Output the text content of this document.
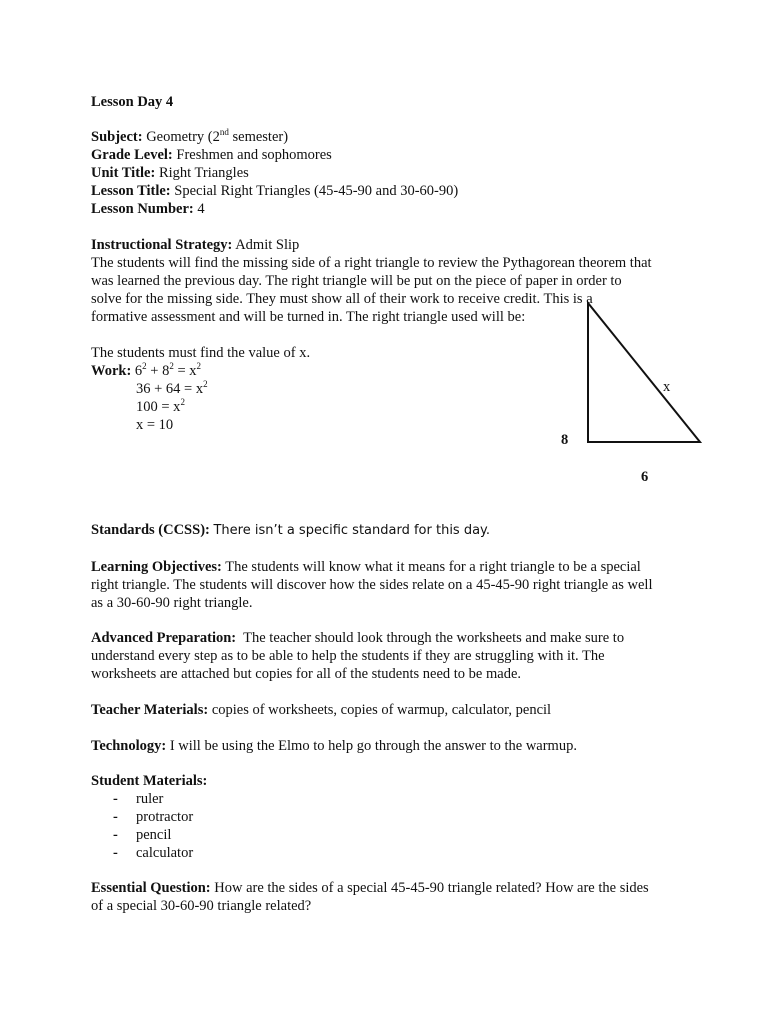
Lesson Day 4
Subject: Geometry (2nd semester)
Grade Level: Freshmen and sophomores
Unit Title: Right Triangles
Lesson Title: Special Right Triangles (45-45-90 and 30-60-90)
Lesson Number: 4
Instructional Strategy: Admit Slip
The students will find the missing side of a right triangle to review the Pythagorean theorem that
was learned the previous day. The right triangle will be put on the piece of paper in order to
solve for the missing side. They must show all of their work to receive credit. This is a
formative assessment and will be turned in. The right triangle used will be:
The students must find the value of x.
Work: $6^2 + 8^2 = x^2$
$36 + 64 = x^2$
$100 = x^2$
x = 10
x
8
6
Standards (CCSS): There isn’t a specific standard for this day.
Learning Objectives: The students will know what it means for a right triangle to be a special
right triangle. The students will discover how the sides relate on a 45-45-90 right triangle as well
as a 30-60-90 right triangle.
Advanced Preparation: The teacher should look through the worksheets and make sure to
understand every step as to be able to help the students if they are struggling with it. The
worksheets are attached but copies for all of the students need to be made.
Teacher Materials: copies of worksheets, copies of warmup, calculator, pencil
Technology: I will be using the Elmo to help go through the answer to the warmup.
Student Materials:
- ruler
- protractor
- pencil
- calculator
Essential Question: How are the sides of a special 45-45-90 triangle related? How are the sides
of a special 30-60-90 triangle related?
